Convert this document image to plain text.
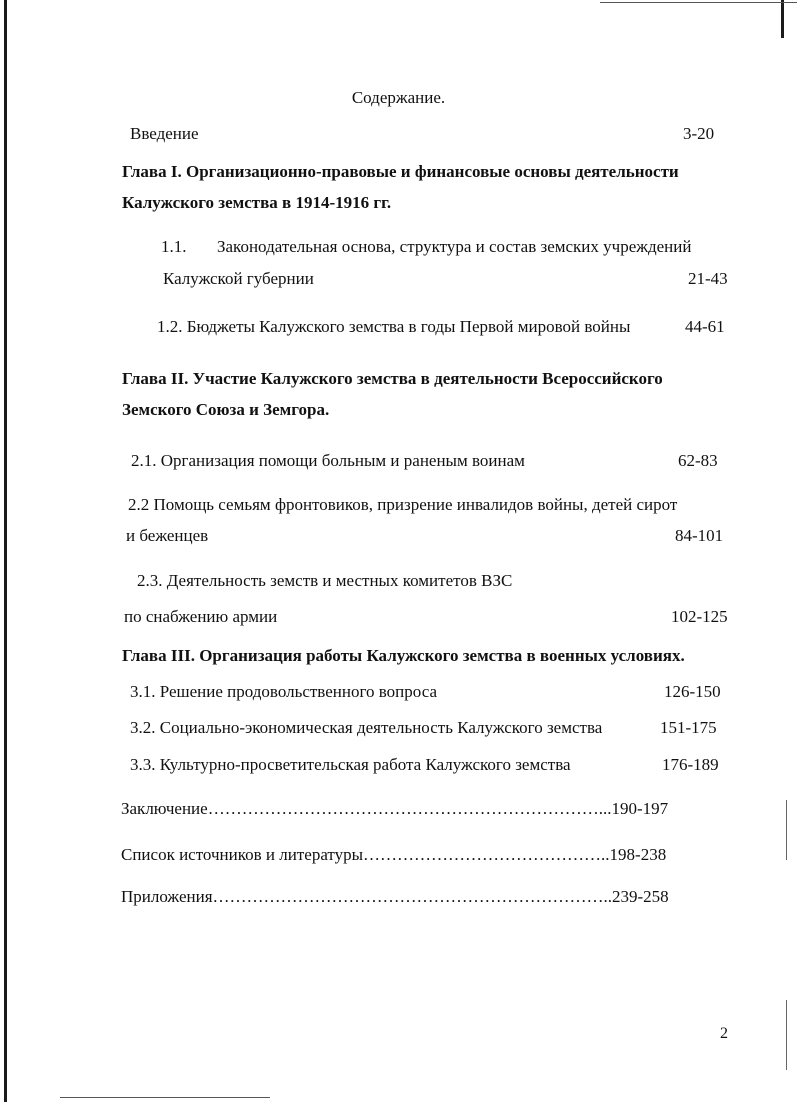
Содержание.
Введение	3-20
Глава I. Организационно-правовые и финансовые основы деятельности
Калужского земства в 1914-1916 гг.
1.1. Законодательная основа, структура и состав земских учреждений
Калужской губернии	21-43
1.2. Бюджеты Калужского земства в годы Первой мировой войны	44-61
Глава II. Участие Калужского земства в деятельности Всероссийского
Земского Союза и Земгора.
2.1. Организация помощи больным и раненым воинам	62-83
2.2 Помощь семьям фронтовиков, призрение инвалидов войны, детей сирот
и беженцев	84-101
2.3. Деятельность земств и местных комитетов ВЗС
по снабжению армии	102-125
Глава III. Организация работы Калужского земства в военных условиях.
3.1. Решение продовольственного вопроса	126-150
3.2. Социально-экономическая деятельность Калужского земства	151-175
3.3. Культурно-просветительская работа Калужского земства	176-189
Заключение……………………………………………………………...190-197
Список источников и литературы……………………………………..198-238
Приложения……………………………………………………………..239-258
2
